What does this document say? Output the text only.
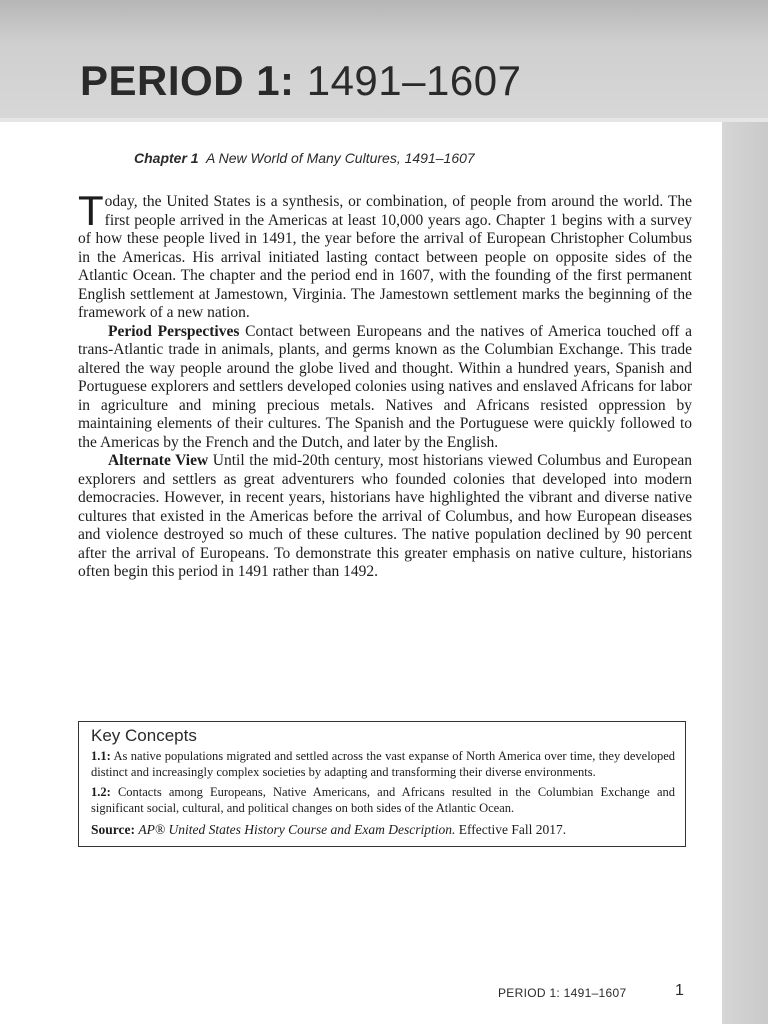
PERIOD 1: 1491–1607
Chapter 1 A New World of Many Cultures, 1491–1607

Today, the United States is a synthesis, or combination, of people from around the world. The first people arrived in the Americas at least 10,000 years ago. Chapter 1 begins with a survey of how these people lived in 1491, the year before the arrival of European Christopher Columbus in the Americas. His arrival initiated lasting contact between people on opposite sides of the Atlantic Ocean. The chapter and the period end in 1607, with the founding of the first permanent English settlement at Jamestown, Virginia. The Jamestown settlement marks the beginning of the framework of a new nation.

Period Perspectives Contact between Europeans and the natives of America touched off a trans-Atlantic trade in animals, plants, and germs known as the Columbian Exchange. This trade altered the way people around the globe lived and thought. Within a hundred years, Spanish and Portuguese explorers and settlers developed colonies using natives and enslaved Africans for labor in agriculture and mining precious metals. Natives and Africans resisted oppression by maintaining elements of their cultures. The Spanish and the Portuguese were quickly followed to the Americas by the French and the Dutch, and later by the English.

Alternate View Until the mid-20th century, most historians viewed Columbus and European explorers and settlers as great adventurers who founded colonies that developed into modern democracies. However, in recent years, historians have highlighted the vibrant and diverse native cultures that existed in the Americas before the arrival of Columbus, and how European diseases and violence destroyed so much of these cultures. The native population declined by 90 percent after the arrival of Europeans. To demonstrate this greater emphasis on native culture, historians often begin this period in 1491 rather than 1492.

Key Concepts

1.1: As native populations migrated and settled across the vast expanse of North America over time, they developed distinct and increasingly complex societies by adapting and transforming their diverse environments.

1.2: Contacts among Europeans, Native Americans, and Africans resulted in the Columbian Exchange and significant social, cultural, and political changes on both sides of the Atlantic Ocean.

Source: AP® United States History Course and Exam Description. Effective Fall 2017.

PERIOD 1: 1491–1607	1
